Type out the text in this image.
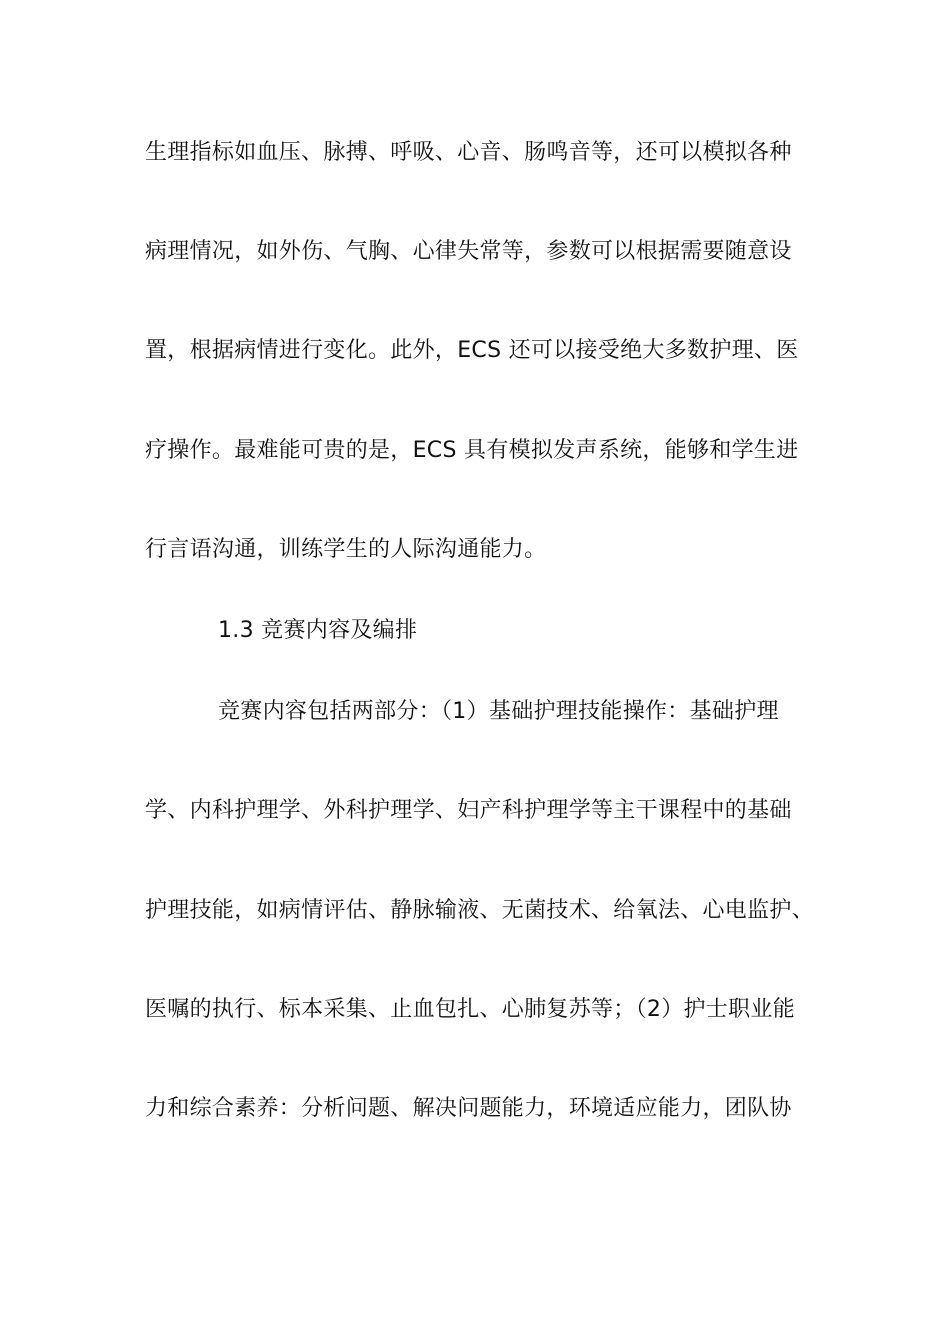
生理指标如血压、脉搏、呼吸、心音、肠鸣音等，还可以模拟各种
病理情况，如外伤、气胸、心律失常等，参数可以根据需要随意设
置，根据病情进行变化。此外，ECS 还可以接受绝大多数护理、医
疗操作。最难能可贵的是，ECS 具有模拟发声系统，能够和学生进
行言语沟通，训练学生的人际沟通能力。
1.3 竞赛内容及编排
竞赛内容包括两部分：（1）基础护理技能操作：基础护理
学、内科护理学、外科护理学、妇产科护理学等主干课程中的基础
护理技能，如病情评估、静脉输液、无菌技术、给氧法、心电监护、
医嘱的执行、标本采集、止血包扎、心肺复苏等；（2）护士职业能
力和综合素养：分析问题、解决问题能力，环境适应能力，团队协
